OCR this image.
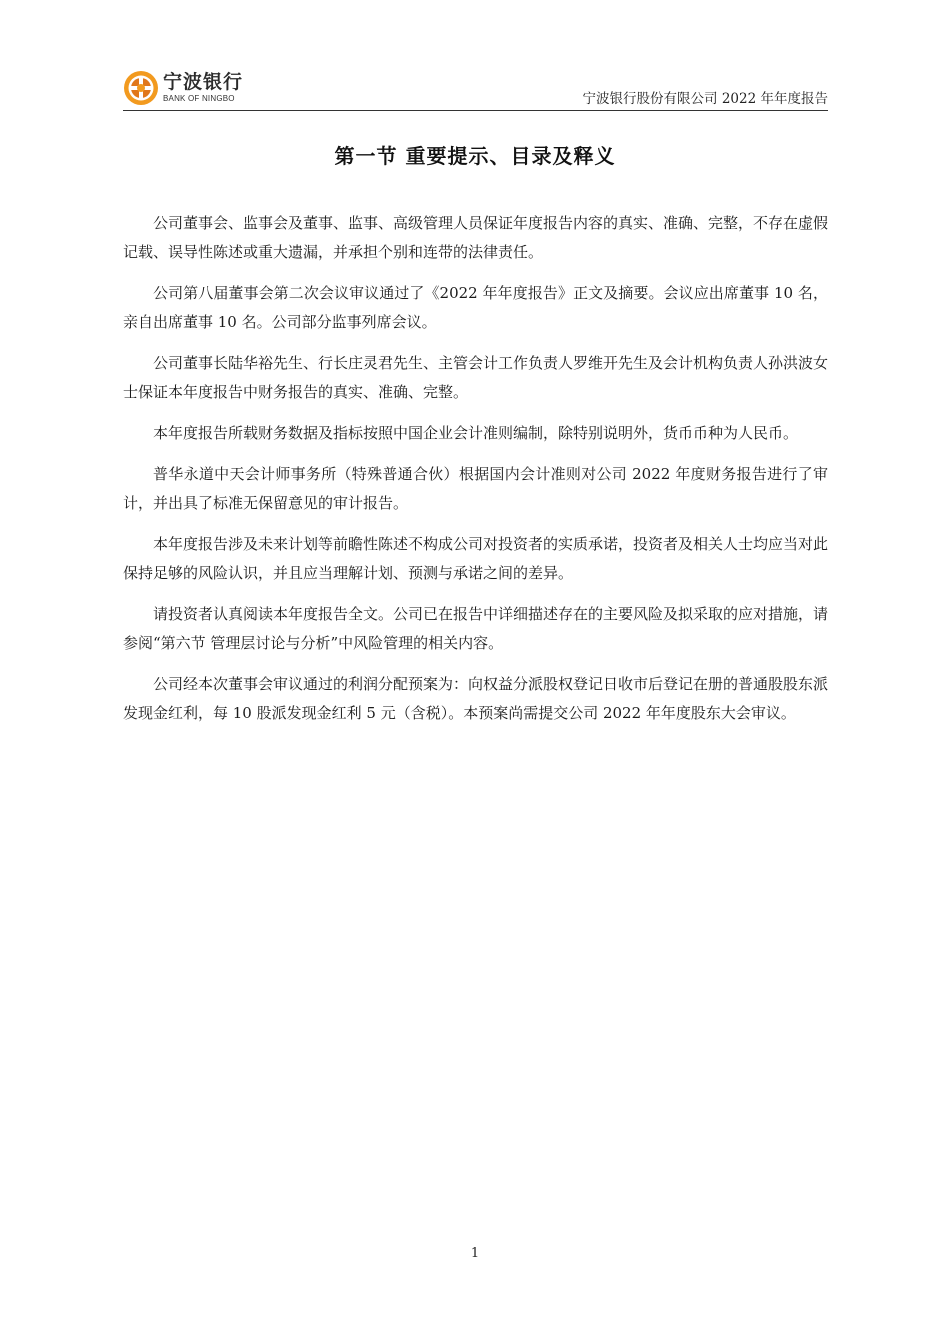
宁波银行
BANK OF NINGBO	宁波银行股份有限公司 2022 年年度报告
第一节 重要提示、目录及释义

公司董事会、监事会及董事、监事、高级管理人员保证年度报告内容的真实、准确、完整，不存在虚假记载、误导性陈述或重大遗漏，并承担个别和连带的法律责任。

公司第八届董事会第二次会议审议通过了《2022 年年度报告》正文及摘要。会议应出席董事 10 名，亲自出席董事 10 名。公司部分监事列席会议。

公司董事长陆华裕先生、行长庄灵君先生、主管会计工作负责人罗维开先生及会计机构负责人孙洪波女士保证本年度报告中财务报告的真实、准确、完整。

本年度报告所载财务数据及指标按照中国企业会计准则编制，除特别说明外，货币币种为人民币。

普华永道中天会计师事务所（特殊普通合伙）根据国内会计准则对公司 2022 年度财务报告进行了审计，并出具了标准无保留意见的审计报告。

本年度报告涉及未来计划等前瞻性陈述不构成公司对投资者的实质承诺，投资者及相关人士均应当对此保持足够的风险认识，并且应当理解计划、预测与承诺之间的差异。

请投资者认真阅读本年度报告全文。公司已在报告中详细描述存在的主要风险及拟采取的应对措施，请参阅“第六节 管理层讨论与分析”中风险管理的相关内容。

公司经本次董事会审议通过的利润分配预案为：向权益分派股权登记日收市后登记在册的普通股股东派发现金红利，每 10 股派发现金红利 5 元（含税）。本预案尚需提交公司 2022 年年度股东大会审议。

1
